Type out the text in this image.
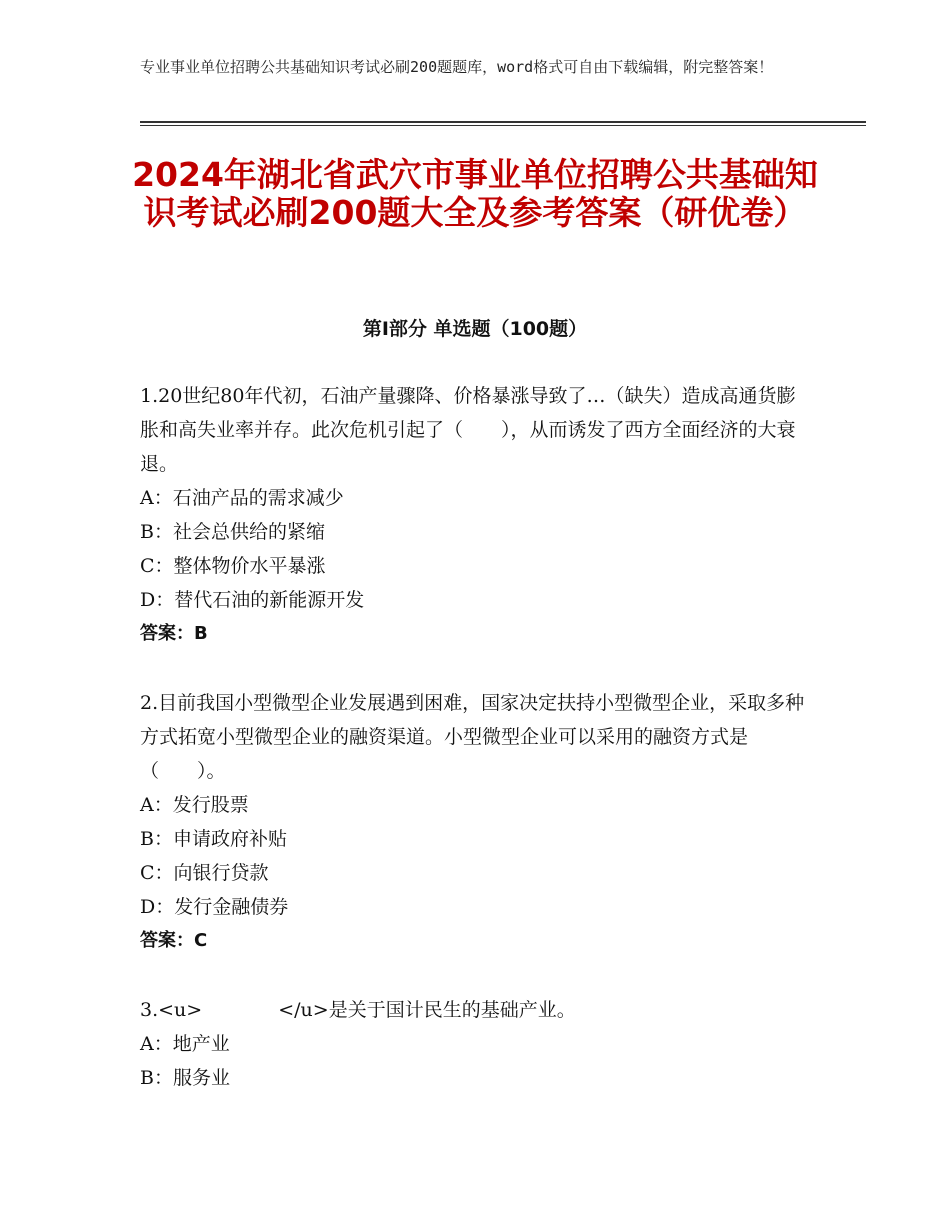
专业事业单位招聘公共基础知识考试必刷200题题库，word格式可自由下载编辑，附完整答案！
2024年湖北省武穴市事业单位招聘公共基础知识考试必刷200题大全及参考答案（研优卷）
第Ⅰ部分 单选题（100题）
1.20世纪80年代初，石油产量骤降、价格暴涨导致了…（缺失）造成高通货膨胀和高失业率并存。此次危机引起了（　　），从而诱发了西方全面经济的大衰退。
A：石油产品的需求减少
B：社会总供给的紧缩
C：整体物价水平暴涨
D：替代石油的新能源开发
答案：B
2.目前我国小型微型企业发展遇到困难，国家决定扶持小型微型企业，采取多种方式拓宽小型微型企业的融资渠道。小型微型企业可以采用的融资方式是（　　）。
A：发行股票
B：申请政府补贴
C：向银行贷款
D：发行金融债券
答案：C
3.<u>	</u>是关于国计民生的基础产业。
A：地产业
B：服务业
